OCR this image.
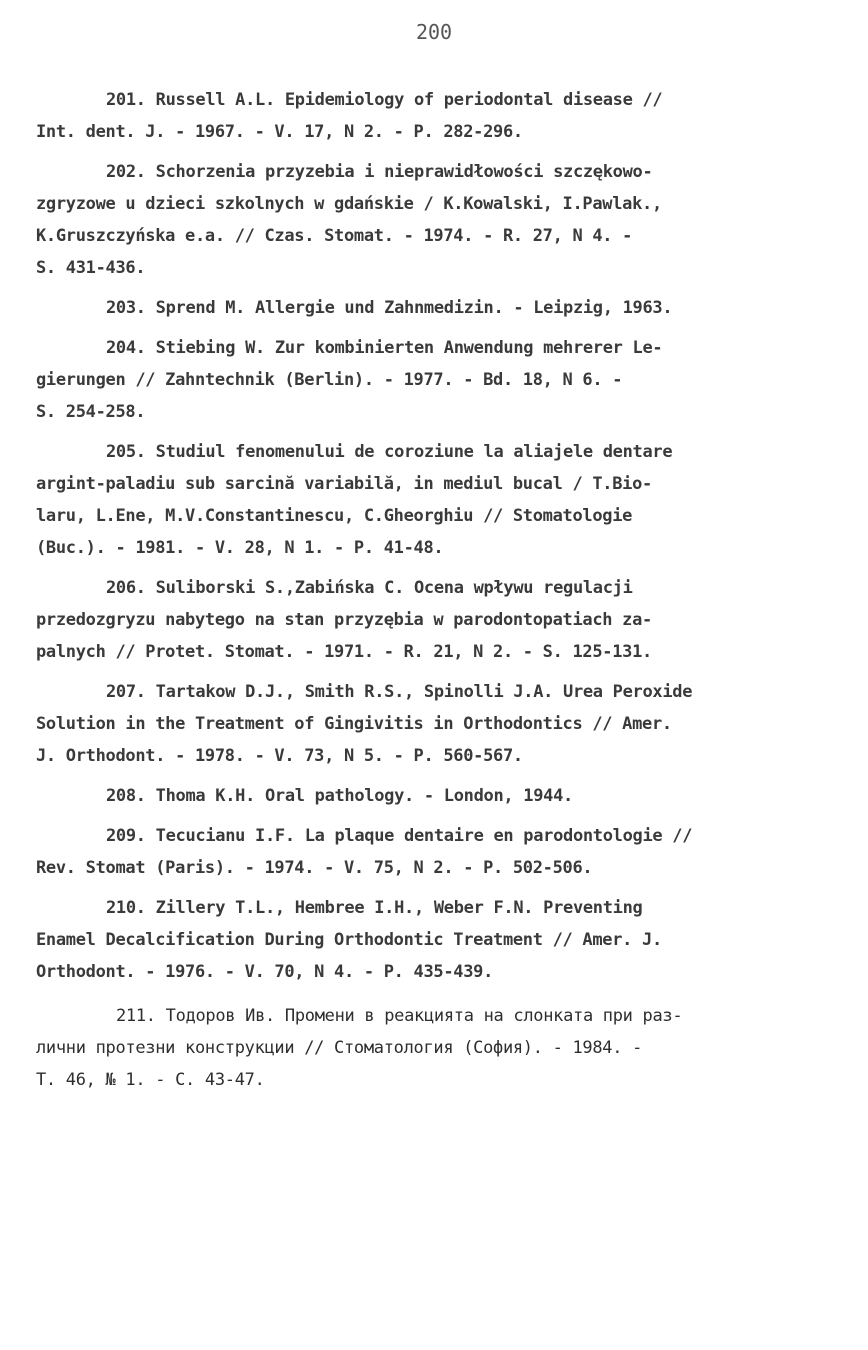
200
201. Russell A.L. Epidemiology of periodontal disease //
Int. dent. J. - 1967. - V. 17, N 2. - P. 282-296.
202. Schorzenia przyzebia i nieprawidłowości szczękowo-
zgryzowe u dzieci szkolnych w gdańskie / K.Kowalski, I.Pawlak.,
K.Gruszczyńska e.a. // Czas. Stomat. - 1974. - R. 27, N 4. -
S. 431-436.
203. Sprend M. Allergie und Zahnmedizin. - Leipzig, 1963.
204. Stiebing W. Zur kombinierten Anwendung mehrerer Le-
gierungen // Zahntechnik (Berlin). - 1977. - Bd. 18, N 6. -
S. 254-258.
205. Studiul fenomenului de coroziune la aliajele dentare
argint-paladiu sub sarcină variabilă, in mediul bucal / T.Bio-
laru, L.Ene, M.V.Constantinescu, C.Gheorghiu // Stomatologie
(Buc.). - 1981. - V. 28, N 1. - P. 41-48.
206. Suliborski S.,Zabińska C. Ocena wpływu regulacji
przedozgryzu nabytego na stan przyzębia w parodontopatiach za-
palnych // Protet. Stomat. - 1971. - R. 21, N 2. - S. 125-131.
207. Tartakow D.J., Smith R.S., Spinolli J.A. Urea Peroxide
Solution in the Treatment of Gingivitis in Orthodontics // Amer.
J. Orthodont. - 1978. - V. 73, N 5. - P. 560-567.
208. Thoma K.H. Oral pathology. - London, 1944.
209. Tecucianu I.F. La plaque dentaire en parodontologie //
Rev. Stomat (Paris). - 1974. - V. 75, N 2. - P. 502-506.
210. Zillery T.L., Hembree I.H., Weber F.N. Preventing
Enamel Decalcification During Orthodontic Treatment // Amer. J.
Orthodont. - 1976. - V. 70, N 4. - P. 435-439.
211. Тодоров Ив. Промени в реакцията на слонката при раз-
лични протезни конструкции // Стоматология (София). - 1984. -
Т. 46, № 1. - С. 43-47.
